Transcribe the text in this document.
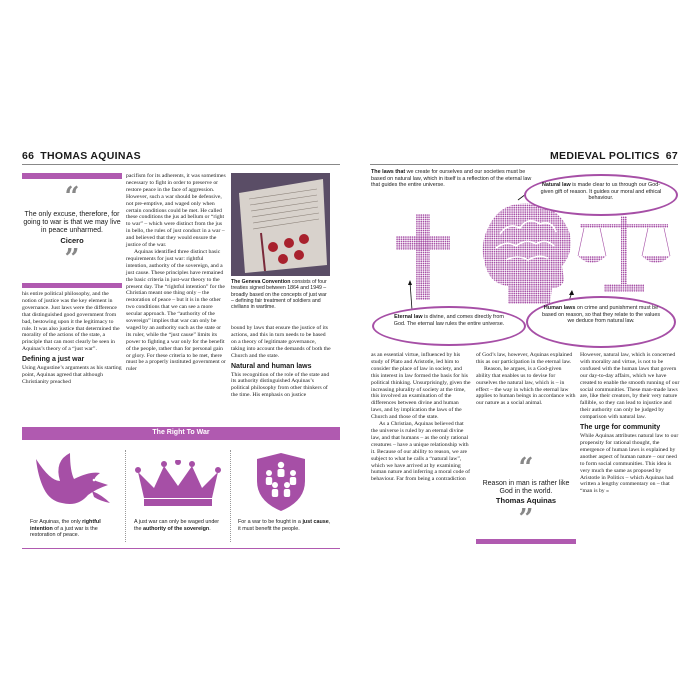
66 THOMAS AQUINAS
“
The only excuse, therefore, for going to war is that we may live in peace unharmed.
Cicero
”

his entire political philosophy, and the notion of justice was the key element in governance. Just laws were the difference that distinguished good government from bad, bestowing upon it the legitimacy to rule. It was also justice that determined the morality of the actions of the state, a principle that can most clearly be seen in Aquinas’s theory of a “just war”.

Defining a just war

Using Augustine’s arguments as his starting point, Aquinas agreed that although Christianity preached

pacifism for its adherents, it was sometimes necessary to fight in order to preserve or restore peace in the face of aggression. However, such a war should be defensive, not pre-emptive, and waged only when certain conditions could be met. He called these conditions the jus ad bellum or “right to war” – which were distinct from the jus in bello, the rules of just conduct in a war – and believed that they would ensure the justice of the war.

Aquinas identified three distinct basic requirements for just war: rightful intention, authority of the sovereign, and a just cause. These principles have remained the basic criteria in just-war theory to the present day. The “rightful intention” for the Christian meant one thing only – the restoration of peace – but it is in the other two conditions that we can see a more secular approach. The “authority of the sovereign” implies that war can only be waged by an authority such as the state or its ruler, while the “just cause” limits its power to fighting a war only for the benefit of the people, rather than for personal gain or glory. For these criteria to be met, there must be a properly instituted government or ruler

The Geneva Convention consists of four treaties signed between 1864 and 1949 – broadly based on the concepts of just war – defining fair treatment of soldiers and civilians in wartime.

bound by laws that ensure the justice of its actions, and this in turn needs to be based on a theory of legitimate governance, taking into account the demands of both the Church and the state.

Natural and human laws

This recognition of the role of the state and its authority distinguished Aquinas’s political philosophy from other thinkers of the time. His emphasis on justice

The Right To War
For Aquinas, the only rightful intention of a just war is the restoration of peace.
A just war can only be waged under the authority of the sovereign.
For a war to be fought in a just cause, it must benefit the people.
MEDIEVAL POLITICS 67
The laws that we create for ourselves and our societies must be based on natural law, which in itself is a reflection of the eternal law that guides the entire universe.	Natural law is made clear to us through our God-given gift of reason. It guides our moral and ethical behaviour.
Eternal law is divine, and comes directly from God. The eternal law rules the entire universe.
Human laws on crime and punishment must be based on reason, so that they relate to the values we deduce from natural law.

as an essential virtue, influenced by his study of Plato and Aristotle, led him to consider the place of law in society, and this interest in law formed the basis for his political thinking. Unsurprisingly, given the increasing plurality of society at the time, this involved an examination of the differences between divine and human laws, and by implication the laws of the Church and those of the state.

As a Christian, Aquinas believed that the universe is ruled by an eternal divine law, and that humans – as the only rational creatures – have a unique relationship with it. Because of our ability to reason, we are subject to what he calls a “natural law”, which we have arrived at by examining human nature and inferring a moral code of behaviour. Far from being a contradiction

of God’s law, however, Aquinas explained this as our participation in the eternal law.

Reason, he argues, is a God-given ability that enables us to devise for ourselves the natural law, which is – in effect – the way in which the eternal law applies to human beings in accordance with our nature as a social animal.

“
Reason in man is rather like God in the world.
Thomas Aquinas
”

However, natural law, which is concerned with morality and virtue, is not to be confused with the human laws that govern our day-to-day affairs, which we have created to enable the smooth running of our social communities. These man-made laws are, like their creators, by their very nature fallible, so they can lead to injustice and their authority can only be judged by comparison with natural law.

The urge for community

While Aquinas attributes natural law to our propensity for rational thought, the emergence of human laws is explained by another aspect of human nature – our need to form social communities. This idea is very much the same as proposed by Aristotle in Politics – which Aquinas had written a lengthy commentary on – that “man is by »
